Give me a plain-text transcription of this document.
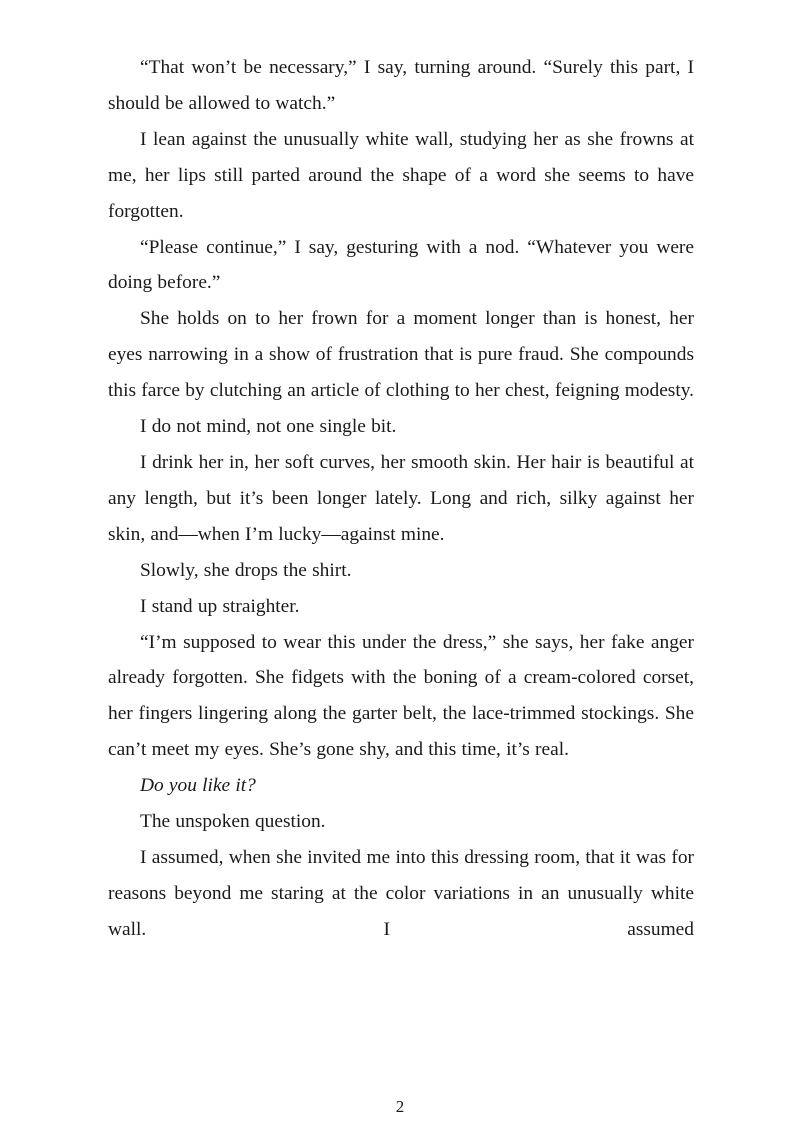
“That won’t be necessary,” I say, turning around. “Surely this part, I should be allowed to watch.”

I lean against the unusually white wall, studying her as she frowns at me, her lips still parted around the shape of a word she seems to have forgotten.

“Please continue,” I say, gesturing with a nod. “Whatever you were doing before.”

She holds on to her frown for a moment longer than is honest, her eyes narrowing in a show of frustration that is pure fraud. She compounds this farce by clutching an article of clothing to her chest, feigning modesty.

I do not mind, not one single bit.

I drink her in, her soft curves, her smooth skin. Her hair is beautiful at any length, but it’s been longer lately. Long and rich, silky against her skin, and—when I’m lucky—against mine.

Slowly, she drops the shirt.

I stand up straighter.

“I’m supposed to wear this under the dress,” she says, her fake anger already forgotten. She fidgets with the boning of a cream-colored corset, her fingers lingering along the garter belt, the lace-trimmed stockings. She can’t meet my eyes. She’s gone shy, and this time, it’s real.

Do you like it?

The unspoken question.

I assumed, when she invited me into this dressing room, that it was for reasons beyond me staring at the color variations in an unusually white wall. I assumed

2
